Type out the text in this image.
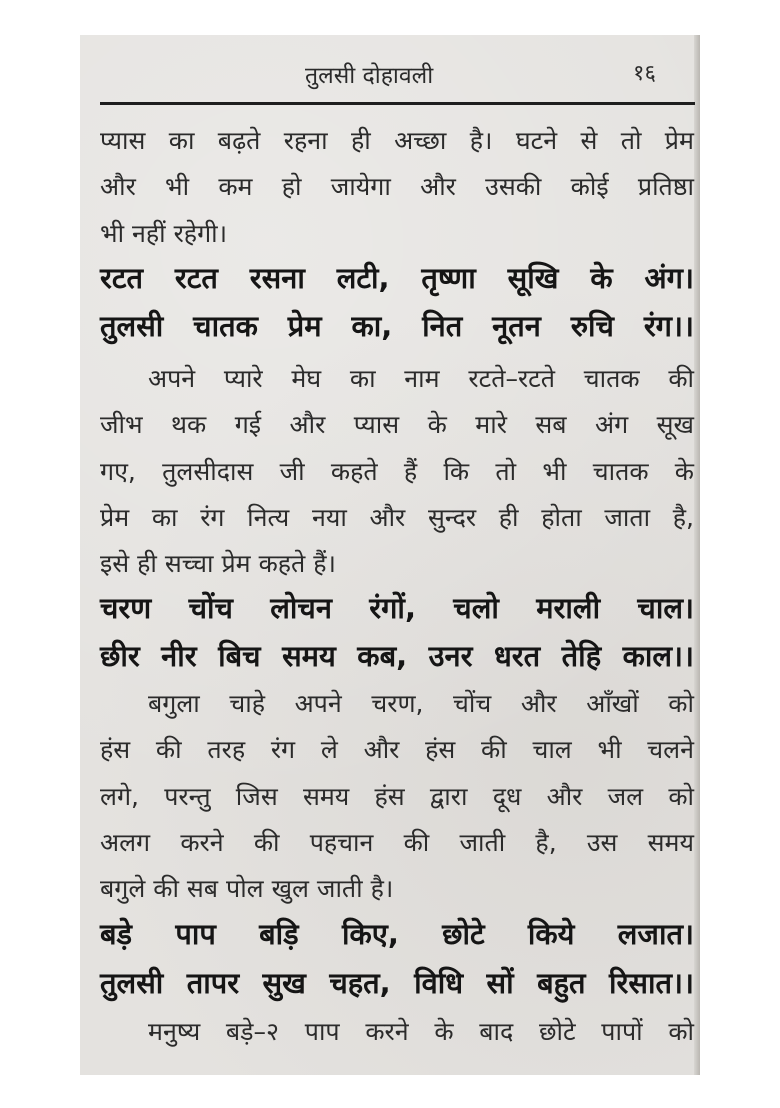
तुलसी दोहावली	१६
प्यास का बढ़ते रहना ही अच्छा है। घटने से तो प्रेम
और भी कम हो जायेगा और उसकी कोई प्रतिष्ठा
भी नहीं रहेगी।
रटत रटत रसना लटी, तृष्णा सूखि के अंग।
तुलसी चातक प्रेम का, नित नूतन रुचि रंग।।
अपने प्यारे मेघ का नाम रटते–रटते चातक की
जीभ थक गई और प्यास के मारे सब अंग सूख
गए, तुलसीदास जी कहते हैं कि तो भी चातक के
प्रेम का रंग नित्य नया और सुन्दर ही होता जाता है,
इसे ही सच्चा प्रेम कहते हैं।
चरण चोंच लोचन रंगों, चलो मराली चाल।
छीर नीर बिच समय कब, उनर धरत तेहि काल।।
बगुला चाहे अपने चरण, चोंच और आँखों को
हंस की तरह रंग ले और हंस की चाल भी चलने
लगे, परन्तु जिस समय हंस द्वारा दूध और जल को
अलग करने की पहचान की जाती है, उस समय
बगुले की सब पोल खुल जाती है।
बड़े पाप बड़ि किए, छोटे किये लजात।
तुलसी तापर सुख चहत, विधि सों बहुत रिसात।।
मनुष्य बड़े–२ पाप करने के बाद छोटे पापों को
